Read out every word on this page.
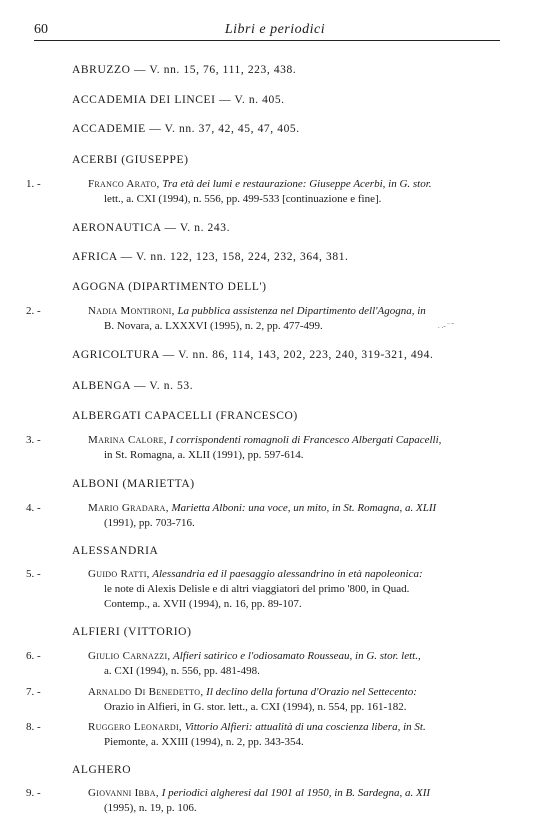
60	Libri e periodici
ABRUZZO — V. nn. 15, 76, 111, 223, 438.
ACCADEMIA DEI LINCEI — V. n. 405.
ACCADEMIE — V. nn. 37, 42, 45, 47, 405.
ACERBI (GIUSEPPE)
1. -	Franco Arato, Tra età dei lumi e restaurazione: Giuseppe Acerbi, in G. stor.
lett., a. CXI (1994), n. 556, pp. 499-533 [continuazione e fine].
AERONAUTICA — V. n. 243.
AFRICA — V. nn. 122, 123, 158, 224, 232, 364, 381.
AGOGNA (DIPARTIMENTO DELL')
2. -	Nadia Montironi, La pubblica assistenza nel Dipartimento dell'Agogna, in
B. Novara, a. LXXXVI (1995), n. 2, pp. 477-499.	. .- ¨ ˜
AGRICOLTURA — V. nn. 86, 114, 143, 202, 223, 240, 319-321, 494.
ALBENGA — V. n. 53.
ALBERGATI CAPACELLI (FRANCESCO)
3. -	Marina Calore, I corrispondenti romagnoli di Francesco Albergati Capacelli,
in St. Romagna, a. XLII (1991), pp. 597-614.
ALBONI (MARIETTA)
4. -	Mario Gradara, Marietta Alboni: una voce, un mito, in St. Romagna, a. XLII
(1991), pp. 703-716.
ALESSANDRIA
5. -	Guido Ratti, Alessandria ed il paesaggio alessandrino in età napoleonica:
le note di Alexis Delisle e di altri viaggiatori del primo '800, in Quad.
Contemp., a. XVII (1994), n. 16, pp. 89-107.
ALFIERI (VITTORIO)
6. -	Giulio Carnazzi, Alfieri satirico e l'odiosamato Rousseau, in G. stor. lett.,
a. CXI (1994), n. 556, pp. 481-498.
7. -	Arnaldo Di Benedetto, Il declino della fortuna d'Orazio nel Settecento:
Orazio in Alfieri, in G. stor. lett., a. CXI (1994), n. 554, pp. 161-182.
8. -	Ruggero Leonardi, Vittorio Alfieri: attualità di una coscienza libera, in St.
Piemonte, a. XXIII (1994), n. 2, pp. 343-354.
ALGHERO
9. -	Giovanni Ibba, I periodici algheresi dal 1901 al 1950, in B. Sardegna, a. XII
(1995), n. 19, p. 106.
